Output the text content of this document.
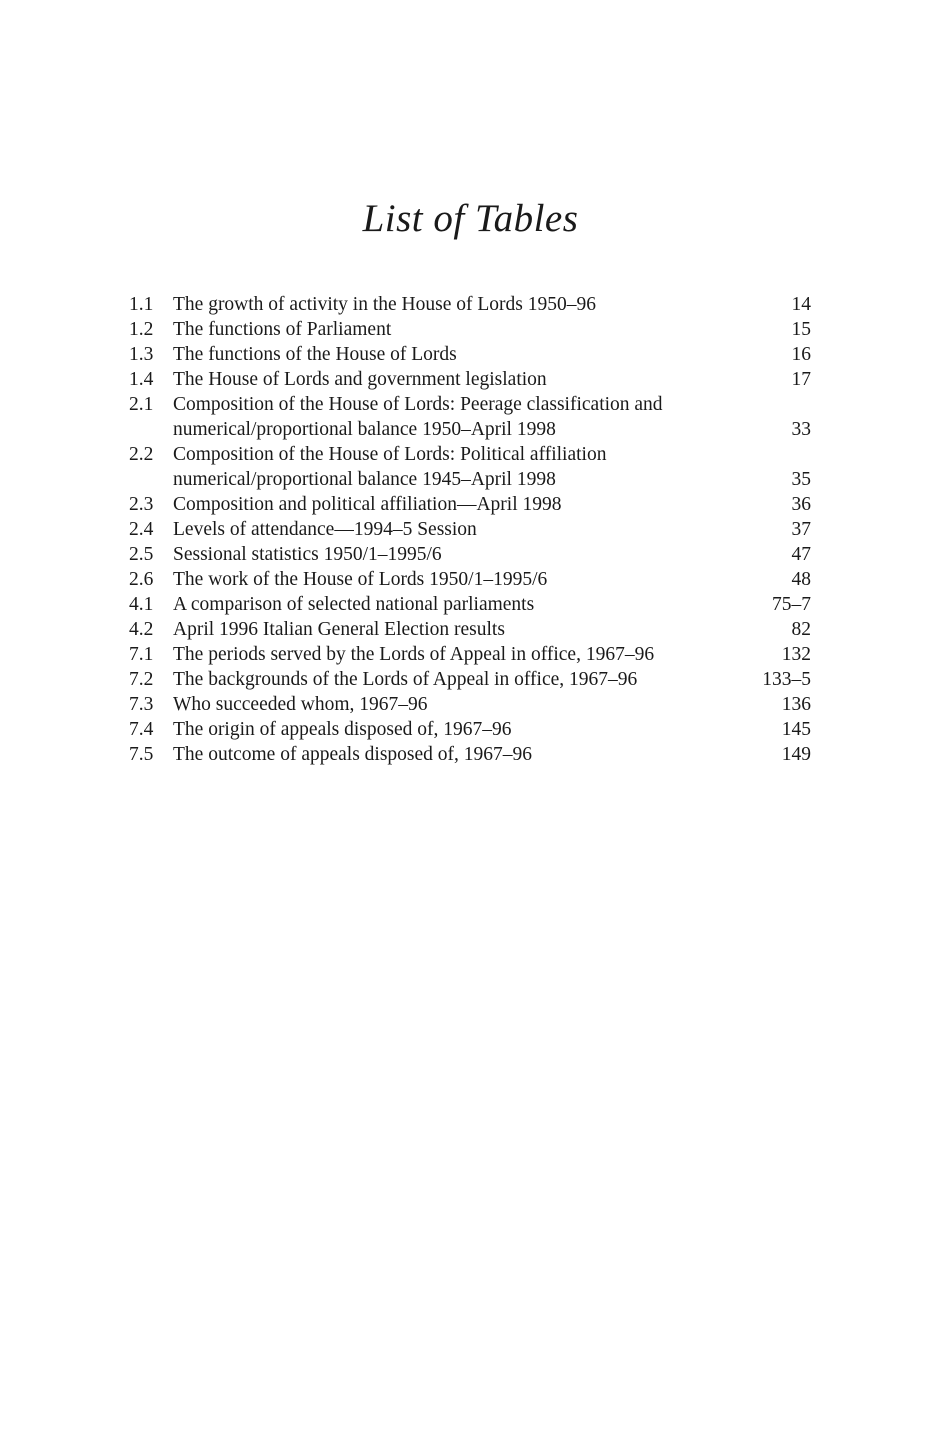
List of Tables
1.1	The growth of activity in the House of Lords 1950–96	14
1.2	The functions of Parliament	15
1.3	The functions of the House of Lords	16
1.4	The House of Lords and government legislation	17
2.1	Composition of the House of Lords: Peerage classification and
numerical/proportional balance 1950–April 1998	33
2.2	Composition of the House of Lords: Political affiliation
numerical/proportional balance 1945–April 1998	35
2.3	Composition and political affiliation—April 1998	36
2.4	Levels of attendance—1994–5 Session	37
2.5	Sessional statistics 1950/1–1995/6	47
2.6	The work of the House of Lords 1950/1–1995/6	48
4.1	A comparison of selected national parliaments	75–7
4.2	April 1996 Italian General Election results	82
7.1	The periods served by the Lords of Appeal in office, 1967–96	132
7.2	The backgrounds of the Lords of Appeal in office, 1967–96	133–5
7.3	Who succeeded whom, 1967–96	136
7.4	The origin of appeals disposed of, 1967–96	145
7.5	The outcome of appeals disposed of, 1967–96	149
